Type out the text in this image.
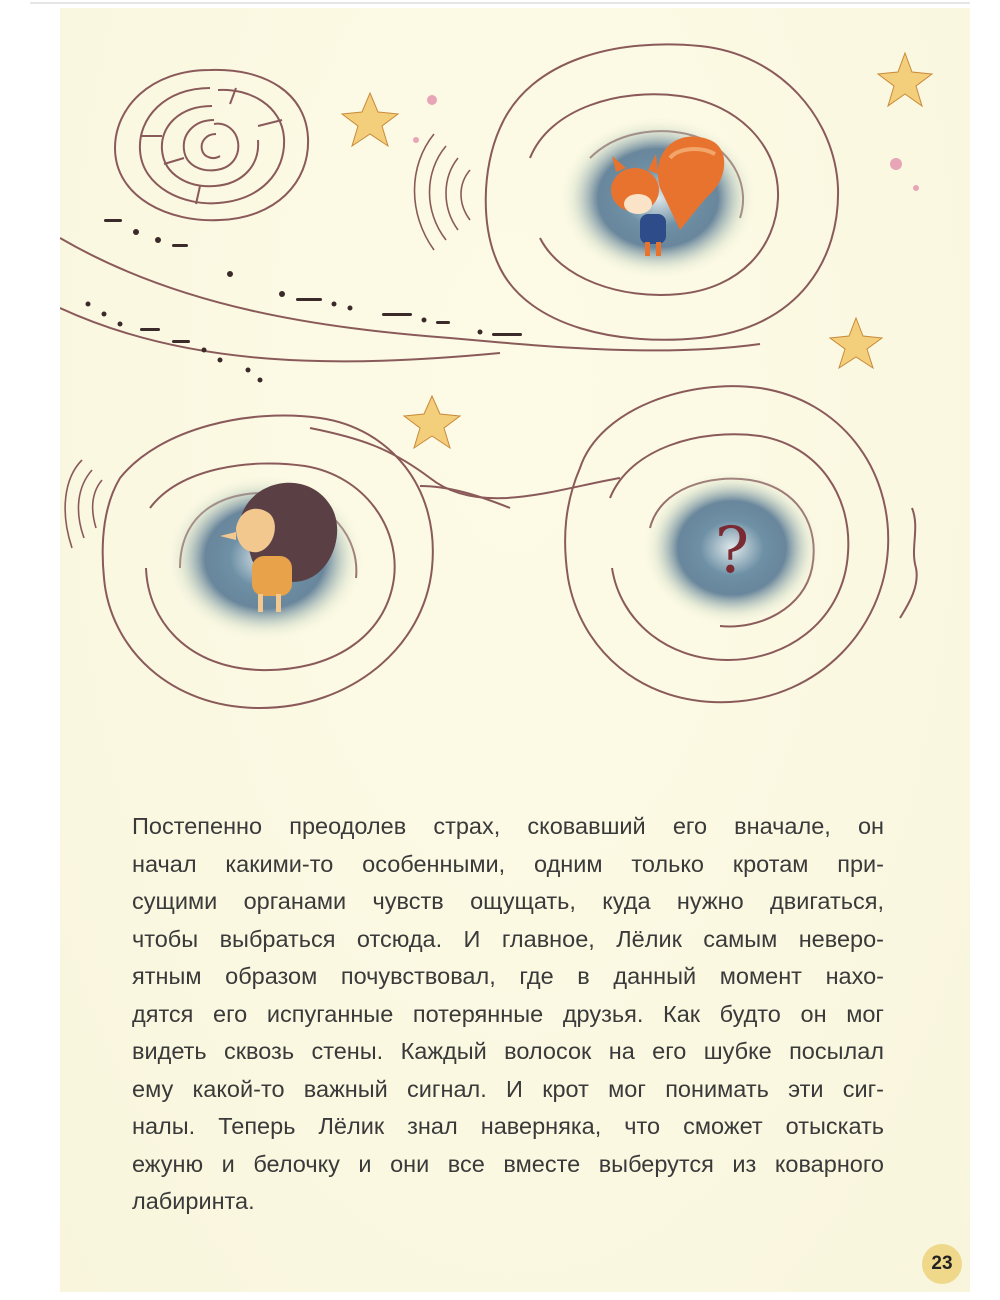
?
Постепенно преодолев страх, сковавший его вначале, он
начал какими-то особенными, одним только кротам при-
сущими органами чувств ощущать, куда нужно двигаться,
чтобы выбраться отсюда. И главное, Лёлик самым неверо-
ятным образом почувствовал, где в данный момент нахо-
дятся его испуганные потерянные друзья. Как будто он мог
видеть сквозь стены. Каждый волосок на его шубке посылал
ему какой-то важный сигнал. И крот мог понимать эти сиг-
налы. Теперь Лёлик знал наверняка, что сможет отыскать
ежуню и белочку и они все вместе выберутся из коварного
лабиринта.
23
